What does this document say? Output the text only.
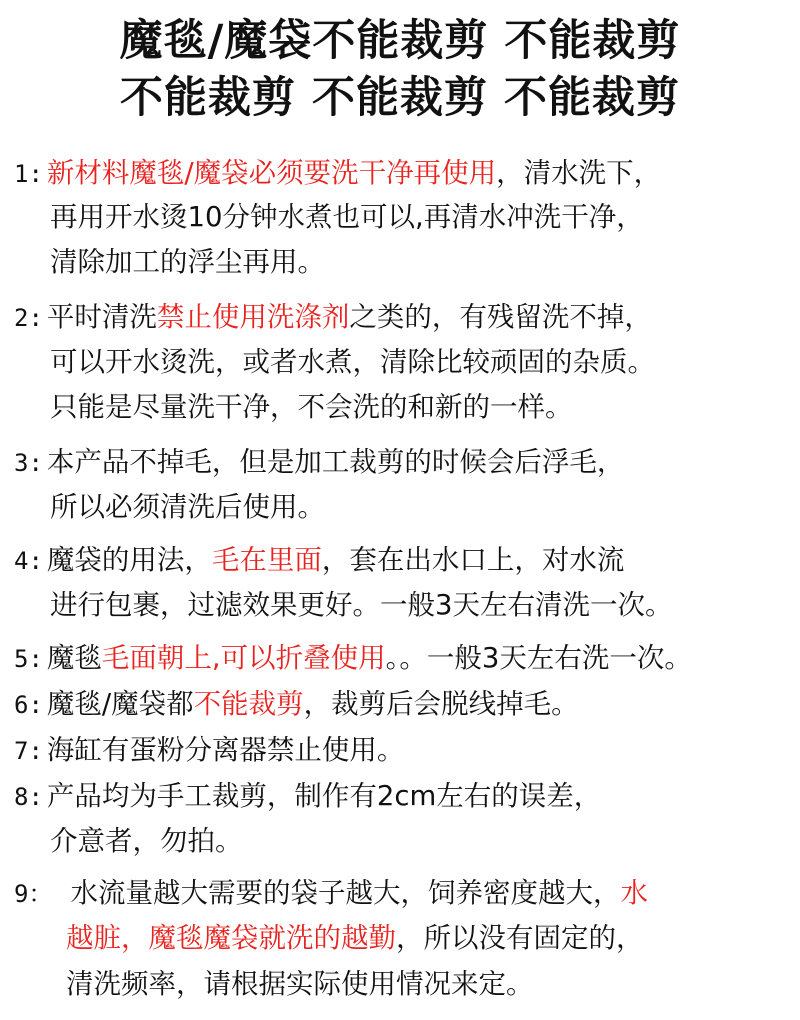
魔毯/魔袋不能裁剪 不能裁剪
不能裁剪 不能裁剪 不能裁剪
1: 新材料魔毯/魔袋必须要洗干净再使用，清水洗下，
再用开水烫10分钟水煮也可以,再清水冲洗干净，
清除加工的浮尘再用。
2: 平时清洗禁止使用洗涤剂之类的，有残留洗不掉，
可以开水烫洗，或者水煮，清除比较顽固的杂质。
只能是尽量洗干净，不会洗的和新的一样。
3: 本产品不掉毛，但是加工裁剪的时候会后浮毛，
所以必须清洗后使用。
4: 魔袋的用法，毛在里面，套在出水口上，对水流
进行包裹，过滤效果更好。一般3天左右清洗一次。
5: 魔毯毛面朝上,可以折叠使用。。一般3天左右洗一次。
6: 魔毯/魔袋都不能裁剪，裁剪后会脱线掉毛。
7: 海缸有蛋粉分离器禁止使用。
8: 产品均为手工裁剪，制作有2cm左右的误差，
介意者，勿拍。
9： 水流量越大需要的袋子越大，饲养密度越大，水
越脏，魔毯魔袋就洗的越勤，所以没有固定的，
清洗频率，请根据实际使用情况来定。
